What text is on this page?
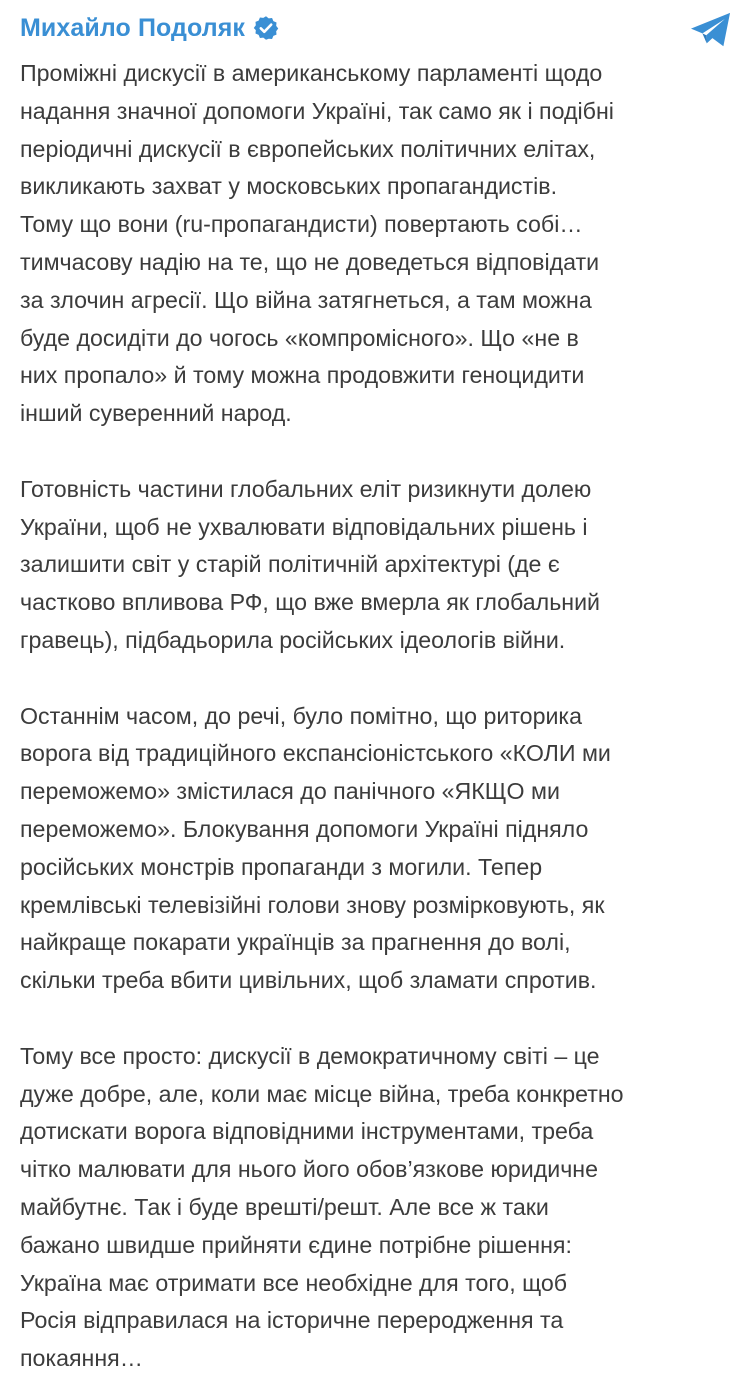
Михайло Подоляк
Проміжні дискусії в американському парламенті щодо
надання значної допомоги Україні, так само як і подібні
періодичні дискусії в європейських політичних елітах,
викликають захват у московських пропагандистів.
Тому що вони (ru-пропагандисти) повертають собі…
тимчасову надію на те, що не доведеться відповідати
за злочин агресії. Що війна затягнеться, а там можна
буде досидіти до чогось «компромісного». Що «не в
них пропало» й тому можна продовжити геноцидити
інший суверенний народ.
Готовність частини глобальних еліт ризикнути долею
України, щоб не ухвалювати відповідальних рішень і
залишити світ у старій політичній архітектурі (де є
частково впливова РФ, що вже вмерла як глобальний
гравець), підбадьорила російських ідеологів війни.
Останнім часом, до речі, було помітно, що риторика
ворога від традиційного експансіоністського «КОЛИ ми
переможемо» змістилася до панічного «ЯКЩО ми
переможемо». Блокування допомоги Україні підняло
російських монстрів пропаганди з могили. Тепер
кремлівські телевізійні голови знову розмірковують, як
найкраще покарати українців за прагнення до волі,
скільки треба вбити цивільних, щоб зламати спротив.
Тому все просто: дискусії в демократичному світі – це
дуже добре, але, коли має місце війна, треба конкретно
дотискати ворога відповідними інструментами, треба
чітко малювати для нього його обов’язкове юридичне
майбутнє. Так і буде врешті/решт. Але все ж таки
бажано швидше прийняти єдине потрібне рішення:
Україна має отримати все необхідне для того, щоб
Росія відправилася на історичне переродження та
покаяння…
